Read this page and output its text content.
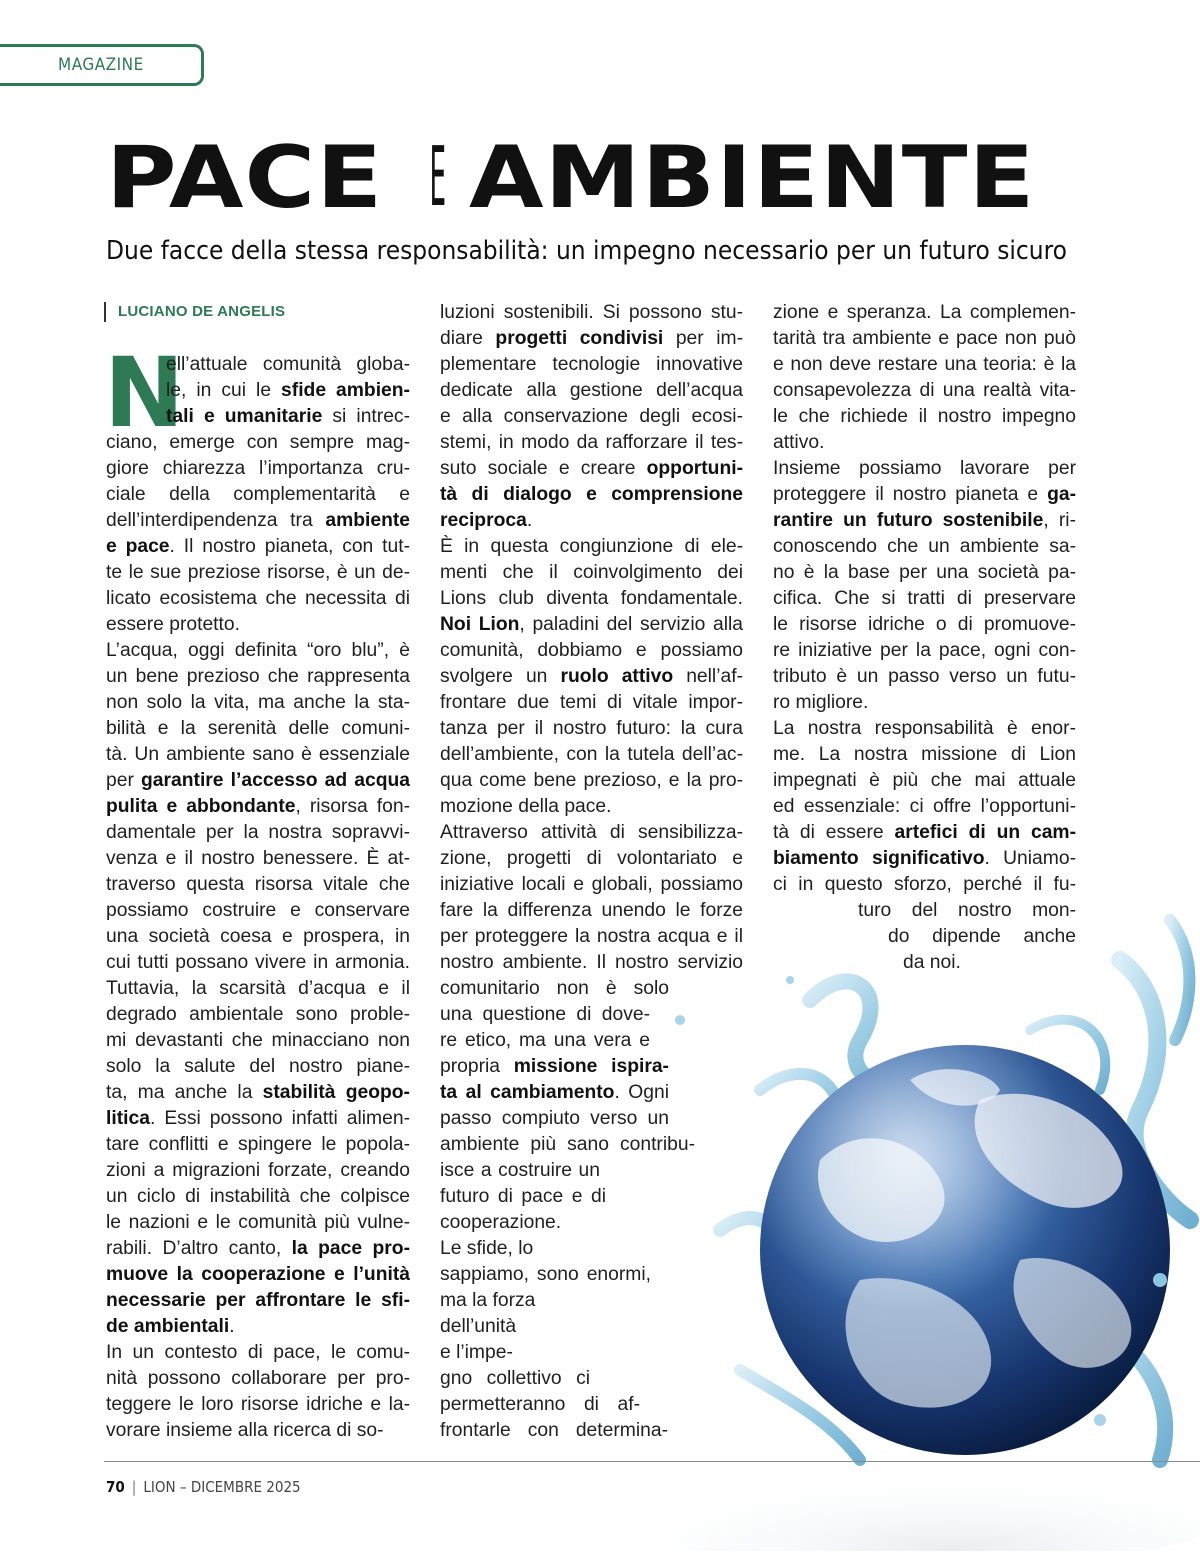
MAGAZINE
PACE E AMBIENTE
Due facce della stessa responsabilità: un impegno necessario per un futuro sicuro
LUCIANO DE ANGELIS
N
ell’attuale comunità globa-
le, in cui le sfide ambien-
tali e umanitarie si intrec-
ciano, emerge con sempre mag-
giore chiarezza l’importanza cru-
ciale della complementarità e
dell’interdipendenza tra ambiente
e pace. Il nostro pianeta, con tut-
te le sue preziose risorse, è un de-
licato ecosistema che necessita di
essere protetto.
L’acqua, oggi definita “oro blu”, è
un bene prezioso che rappresenta
non solo la vita, ma anche la sta-
bilità e la serenità delle comuni-
tà. Un ambiente sano è essenziale
per garantire l’accesso ad acqua
pulita e abbondante, risorsa fon-
damentale per la nostra sopravvi-
venza e il nostro benessere. È at-
traverso questa risorsa vitale che
possiamo costruire e conservare
una società coesa e prospera, in
cui tutti possano vivere in armonia.
Tuttavia, la scarsità d’acqua e il
degrado ambientale sono proble-
mi devastanti che minacciano non
solo la salute del nostro piane-
ta, ma anche la stabilità geopo-
litica. Essi possono infatti alimen-
tare conflitti e spingere le popola-
zioni a migrazioni forzate, creando
un ciclo di instabilità che colpisce
le nazioni e le comunità più vulne-
rabili. D’altro canto, la pace pro-
muove la cooperazione e l’unità
necessarie per affrontare le sfi-
de ambientali.
In un contesto di pace, le comu-
nità possono collaborare per pro-
teggere le loro risorse idriche e la-
vorare insieme alla ricerca di so-
luzioni sostenibili. Si possono stu-
diare progetti condivisi per im-
plementare tecnologie innovative
dedicate alla gestione dell’acqua
e alla conservazione degli ecosi-
stemi, in modo da rafforzare il tes-
suto sociale e creare opportuni-
tà di dialogo e comprensione
reciproca.
È in questa congiunzione di ele-
menti che il coinvolgimento dei
Lions club diventa fondamentale.
Noi Lion, paladini del servizio alla
comunità, dobbiamo e possiamo
svolgere un ruolo attivo nell’af-
frontare due temi di vitale impor-
tanza per il nostro futuro: la cura
dell’ambiente, con la tutela dell’ac-
qua come bene prezioso, e la pro-
mozione della pace.
Attraverso attività di sensibilizza-
zione, progetti di volontariato e
iniziative locali e globali, possiamo
fare la differenza unendo le forze
per proteggere la nostra acqua e il
nostro ambiente. Il nostro servizio
comunitario non è solo
una questione di dove-
re etico, ma una vera e
propria missione ispira-
ta al cambiamento. Ogni
passo compiuto verso un
ambiente più sano contribu-
isce a costruire un
futuro di pace e di
cooperazione.
Le sfide, lo
sappiamo, sono enormi,
ma la forza
dell’unità
e l’impe-
gno collettivo ci
permetteranno di af-
frontarle con determina-
zione e speranza. La complemen-
tarità tra ambiente e pace non può
e non deve restare una teoria: è la
consapevolezza di una realtà vita-
le che richiede il nostro impegno
attivo.
Insieme possiamo lavorare per
proteggere il nostro pianeta e ga-
rantire un futuro sostenibile, ri-
conoscendo che un ambiente sa-
no è la base per una società pa-
cifica. Che si tratti di preservare
le risorse idriche o di promuove-
re iniziative per la pace, ogni con-
tributo è un passo verso un futu-
ro migliore.
La nostra responsabilità è enor-
me. La nostra missione di Lion
impegnati è più che mai attuale
ed essenziale: ci offre l’opportuni-
tà di essere artefici di un cam-
biamento significativo. Uniamo-
ci in questo sforzo, perché il fu-
turo del nostro mon-
do dipende anche
da noi.
70 | LION – DICEMBRE 2025
